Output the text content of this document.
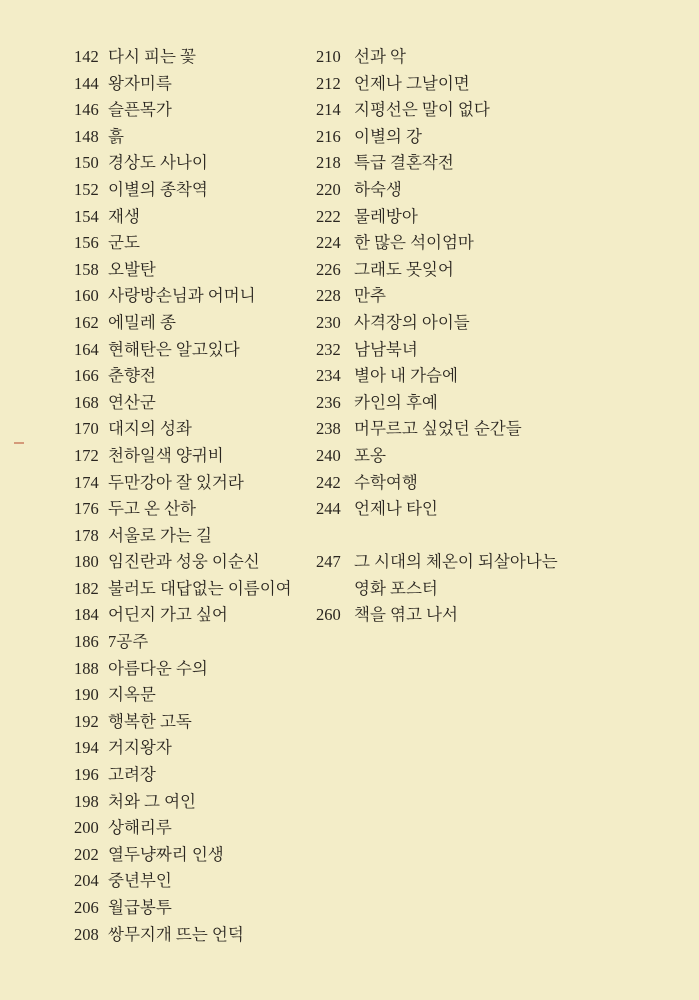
142 다시 피는 꽃
144 왕자미륵
146 슬픈목가
148 흙
150 경상도 사나이
152 이별의 종착역
154 재생
156 군도
158 오발탄
160 사랑방손님과 어머니
162 에밀레 종
164 현해탄은 알고있다
166 춘향전
168 연산군
170 대지의 성좌
172 천하일색 양귀비
174 두만강아 잘 있거라
176 두고 온 산하
178 서울로 가는 길
180 임진란과 성웅 이순신
182 불러도 대답없는 이름이여
184 어딘지 가고 싶어
186 7공주
188 아름다운 수의
190 지옥문
192 행복한 고독
194 거지왕자
196 고려장
198 처와 그 여인
200 상해리루
202 열두냥짜리 인생
204 중년부인
206 월급봉투
208 쌍무지개 뜨는 언덕
210 선과 악
212 언제나 그날이면
214 지평선은 말이 없다
216 이별의 강
218 특급 결혼작전
220 하숙생
222 물레방아
224 한 많은 석이엄마
226 그래도 못잊어
228 만추
230 사격장의 아이들
232 남남북녀
234 별아 내 가슴에
236 카인의 후예
238 머무르고 싶었던 순간들
240 포옹
242 수학여행
244 언제나 타인
247 그 시대의 체온이 되살아나는
영화 포스터
260 책을 엮고 나서
